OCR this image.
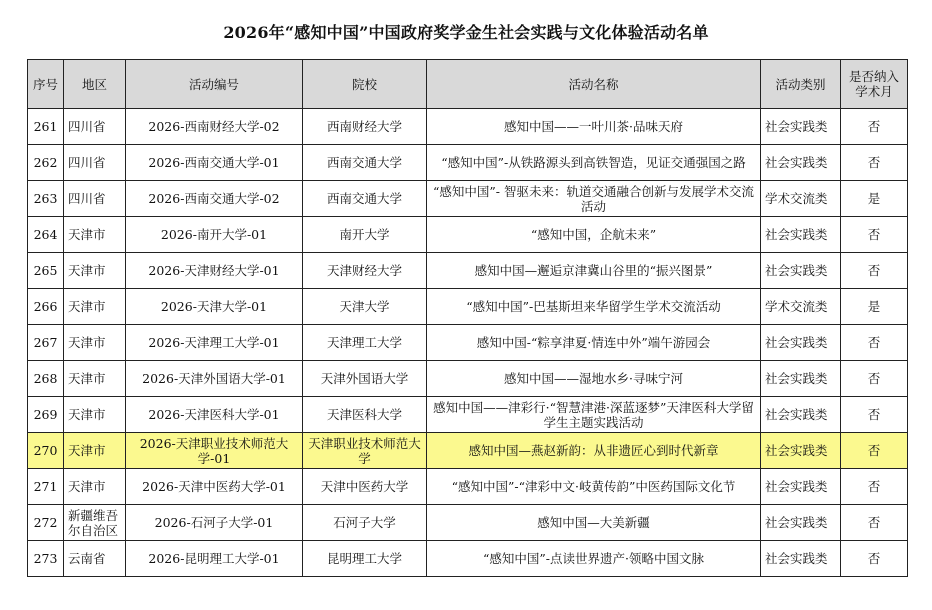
2026年“感知中国”中国政府奖学金生社会实践与文化体验活动名单
序号	地区	活动编号	院校	活动名称	活动类别	是否纳入学术月
261	四川省	2026-西南财经大学-02	西南财经大学	感知中国——一叶川茶·品味天府	社会实践类	否
262	四川省	2026-西南交通大学-01	西南交通大学	“感知中国”-从铁路源头到高铁智造，见证交通强国之路	社会实践类	否
263	四川省	2026-西南交通大学-02	西南交通大学	“感知中国”- 智驱未来：轨道交通融合创新与发展学术交流活动	学术交流类	是
264	天津市	2026-南开大学-01	南开大学	“感知中国，企航未来”	社会实践类	否
265	天津市	2026-天津财经大学-01	天津财经大学	感知中国—邂逅京津冀山谷里的“振兴图景”	社会实践类	否
266	天津市	2026-天津大学-01	天津大学	“感知中国”-巴基斯坦来华留学生学术交流活动	学术交流类	是
267	天津市	2026-天津理工大学-01	天津理工大学	感知中国-“粽享津夏·情连中外”端午游园会	社会实践类	否
268	天津市	2026-天津外国语大学-01	天津外国语大学	感知中国——湿地水乡·寻味宁河	社会实践类	否
269	天津市	2026-天津医科大学-01	天津医科大学	感知中国——津彩行·“智慧津港·深蓝逐梦”天津医科大学留学生主题实践活动	社会实践类	否
270	天津市	2026-天津职业技术师范大学-01	天津职业技术师范大学	感知中国—燕赵新韵：从非遗匠心到时代新章	社会实践类	否
271	天津市	2026-天津中医药大学-01	天津中医药大学	“感知中国”-“津彩中文·岐黄传韵”中医药国际文化节	社会实践类	否
272	新疆维吾尔自治区	2026-石河子大学-01	石河子大学	感知中国—大美新疆	社会实践类	否
273	云南省	2026-昆明理工大学-01	昆明理工大学	“感知中国”-点读世界遗产·领略中国文脉	社会实践类	否
